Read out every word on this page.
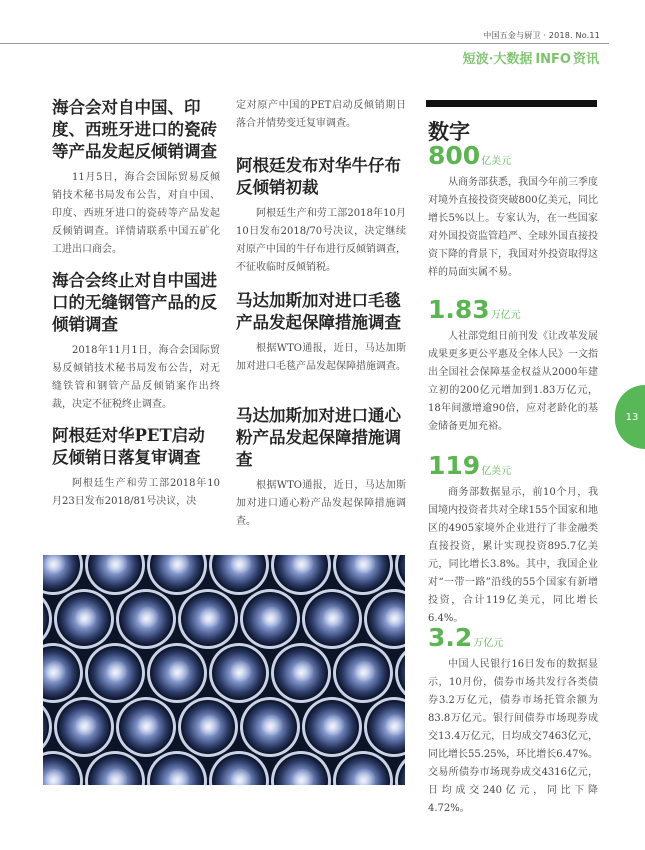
中国五金与厨卫 · 2018. No.11
短波·大数据 INFO 资讯
海合会对自中国、印度、西班牙进口的瓷砖等产品发起反倾销调查

11月5日，海合会国际贸易反倾销技术秘书局发布公告，对自中国、印度、西班牙进口的瓷砖等产品发起反倾销调查。详情请联系中国五矿化工进出口商会。

海合会终止对自中国进口的无缝钢管产品的反倾销调查

2018年11月1日，海合会国际贸易反倾销技术秘书局发布公告，对无缝铁管和钢管产品反倾销案作出终裁，决定不征税终止调查。

阿根廷对华PET启动反倾销日落复审调查

阿根廷生产和劳工部2018年10月23日发布2018/81号决议，决

定对原产中国的PET启动反倾销期日落合并情势变迁复审调查。

阿根廷发布对华牛仔布反倾销初裁

阿根廷生产和劳工部2018年10月10日发布2018/70号决议，决定继续对原产中国的牛仔布进行反倾销调查，不征收临时反倾销税。

马达加斯加对进口毛毯产品发起保障措施调查

根据WTO通报，近日，马达加斯加对进口毛毯产品发起保障措施调查。

马达加斯加对进口通心粉产品发起保障措施调查

根据WTO通报，近日，马达加斯加对进口通心粉产品发起保障措施调查。

数字
800亿美元

从商务部获悉，我国今年前三季度对境外直接投资突破800亿美元，同比增长5%以上。专家认为，在一些国家对外国投资监管趋严、全球外国直接投资下降的背景下，我国对外投资取得这样的局面实属不易。

1.83万亿元

人社部党组日前刊发《让改革发展成果更多更公平惠及全体人民》一文指出全国社会保障基金权益从2000年建立初的200亿元增加到1.83万亿元，18年间激增逾90倍，应对老龄化的基金储备更加充裕。

119亿美元

商务部数据显示，前10个月，我国境内投资者共对全球155个国家和地区的4905家境外企业进行了非金融类直接投资，累计实现投资895.7亿美元，同比增长3.8%。其中，我国企业对“一带一路”沿线的55个国家有新增投资，合计119亿美元，同比增长6.4%。

3.2万亿元

中国人民银行16日发布的数据显示，10月份，债券市场共发行各类债券3.2万亿元，债券市场托管余额为83.8万亿元。银行间债券市场现券成交13.4万亿元，日均成交7463亿元，同比增长55.25%，环比增长6.47%。交易所债券市场现券成交4316亿元，日均成交240亿元，同比下降4.72%。

13
